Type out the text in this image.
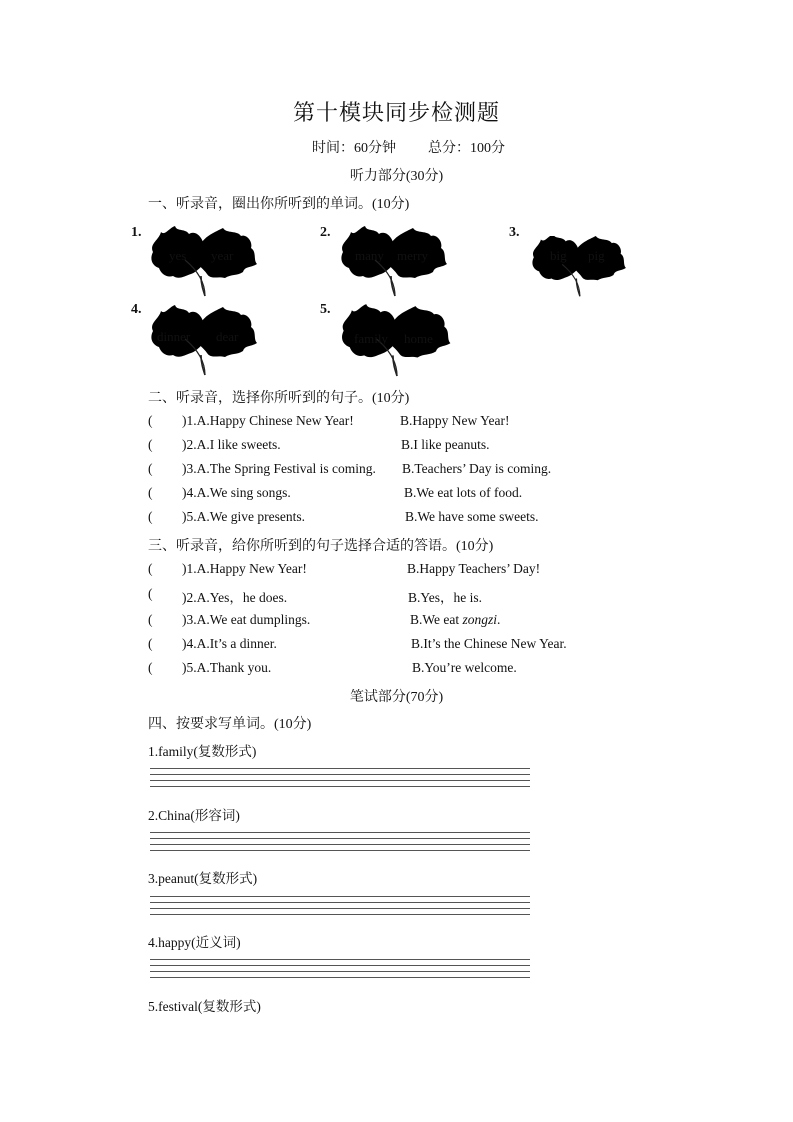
第十模块同步检测题
时间：60分钟 总分：100分
听力部分(30分)
一、听录音，圈出你所听到的单词。(10分)
1.
yes year
2.
many merry
3.
big pig
4.
dinner dear
5.
family home
二、听录音，选择你所听到的句子。(10分)
( )1.A.Happy Chinese New Year!	B.Happy New Year!
( )2.A.I like sweets.	B.I like peanuts.
( )3.A.The Spring Festival is coming. B.Teachers’ Day is coming.
( )4.A.We sing songs.	B.We eat lots of food.
( )5.A.We give presents.	B.We have some sweets.
三、听录音，给你所听到的句子选择合适的答语。(10分)
( )1.A.Happy New Year!	B.Happy Teachers’ Day!
( )2.A.Yes，he does.	B.Yes，he is.
( )3.A.We eat dumplings.	B.We eat zongzi.
( )4.A.It’s a dinner.	B.It’s the Chinese New Year.
( )5.A.Thank you.	B.You’re welcome.
笔试部分(70分)
四、按要求写单词。(10分)
1.family(复数形式)
2.China(形容词)
3.peanut(复数形式)
4.happy(近义词)
5.festival(复数形式)
